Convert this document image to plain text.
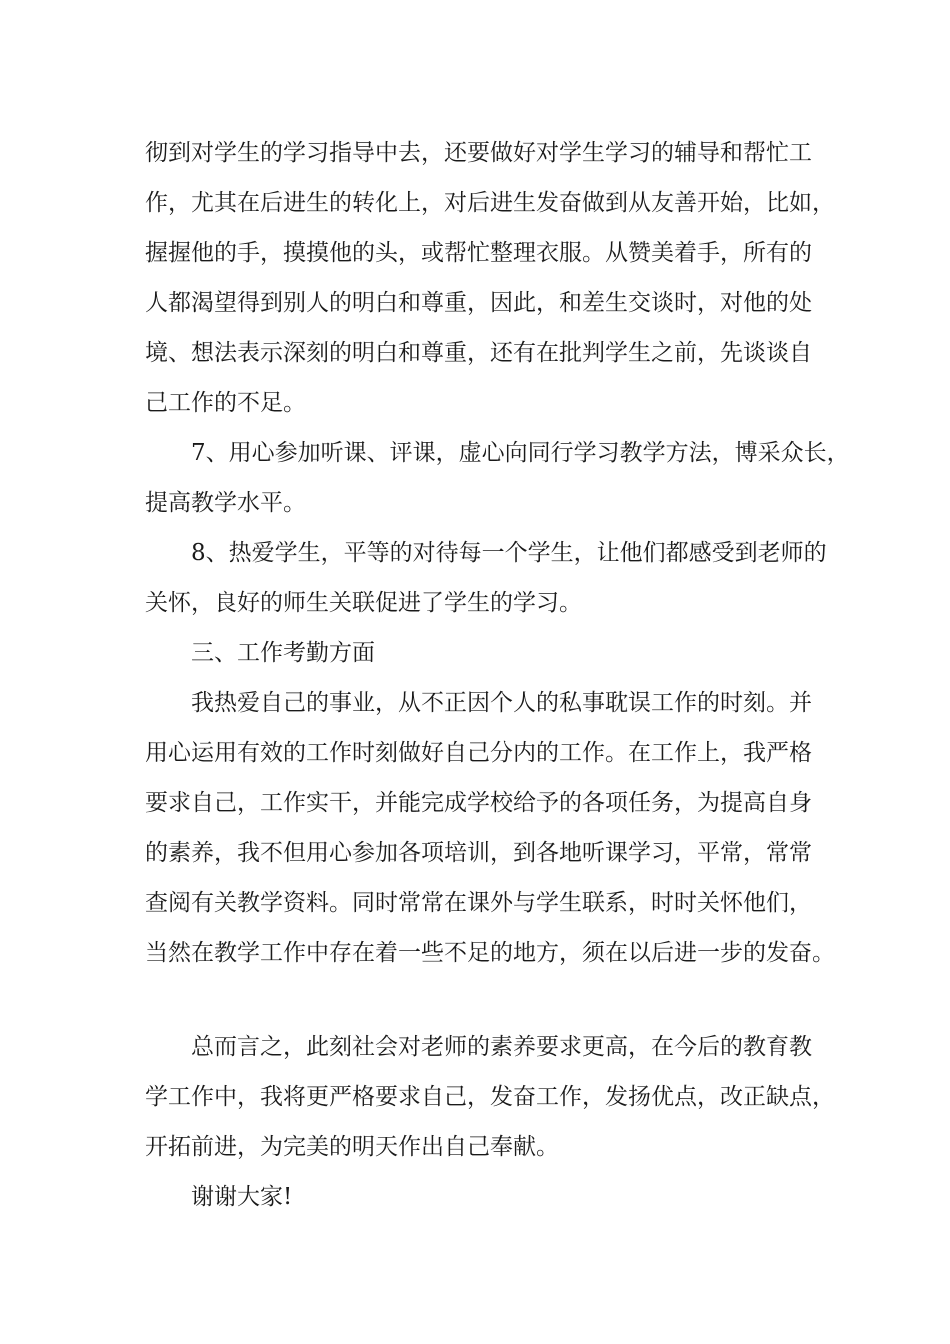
彻到对学生的学习指导中去，还要做好对学生学习的辅导和帮忙工
作，尤其在后进生的转化上，对后进生发奋做到从友善开始，比如，
握握他的手，摸摸他的头，或帮忙整理衣服。从赞美着手，所有的
人都渴望得到别人的明白和尊重，因此，和差生交谈时，对他的处
境、想法表示深刻的明白和尊重，还有在批判学生之前，先谈谈自
己工作的不足。
7、用心参加听课、评课，虚心向同行学习教学方法，博采众长，
提高教学水平。
8、热爱学生，平等的对待每一个学生，让他们都感受到老师的
关怀，良好的师生关联促进了学生的学习。
三、工作考勤方面
我热爱自己的事业，从不正因个人的私事耽误工作的时刻。并
用心运用有效的工作时刻做好自己分内的工作。在工作上，我严格
要求自己，工作实干，并能完成学校给予的各项任务，为提高自身
的素养，我不但用心参加各项培训，到各地听课学习，平常，常常
查阅有关教学资料。同时常常在课外与学生联系，时时关怀他们，
当然在教学工作中存在着一些不足的地方，须在以后进一步的发奋。
总而言之，此刻社会对老师的素养要求更高，在今后的教育教
学工作中，我将更严格要求自己，发奋工作，发扬优点，改正缺点，
开拓前进，为完美的明天作出自己奉献。
谢谢大家!
